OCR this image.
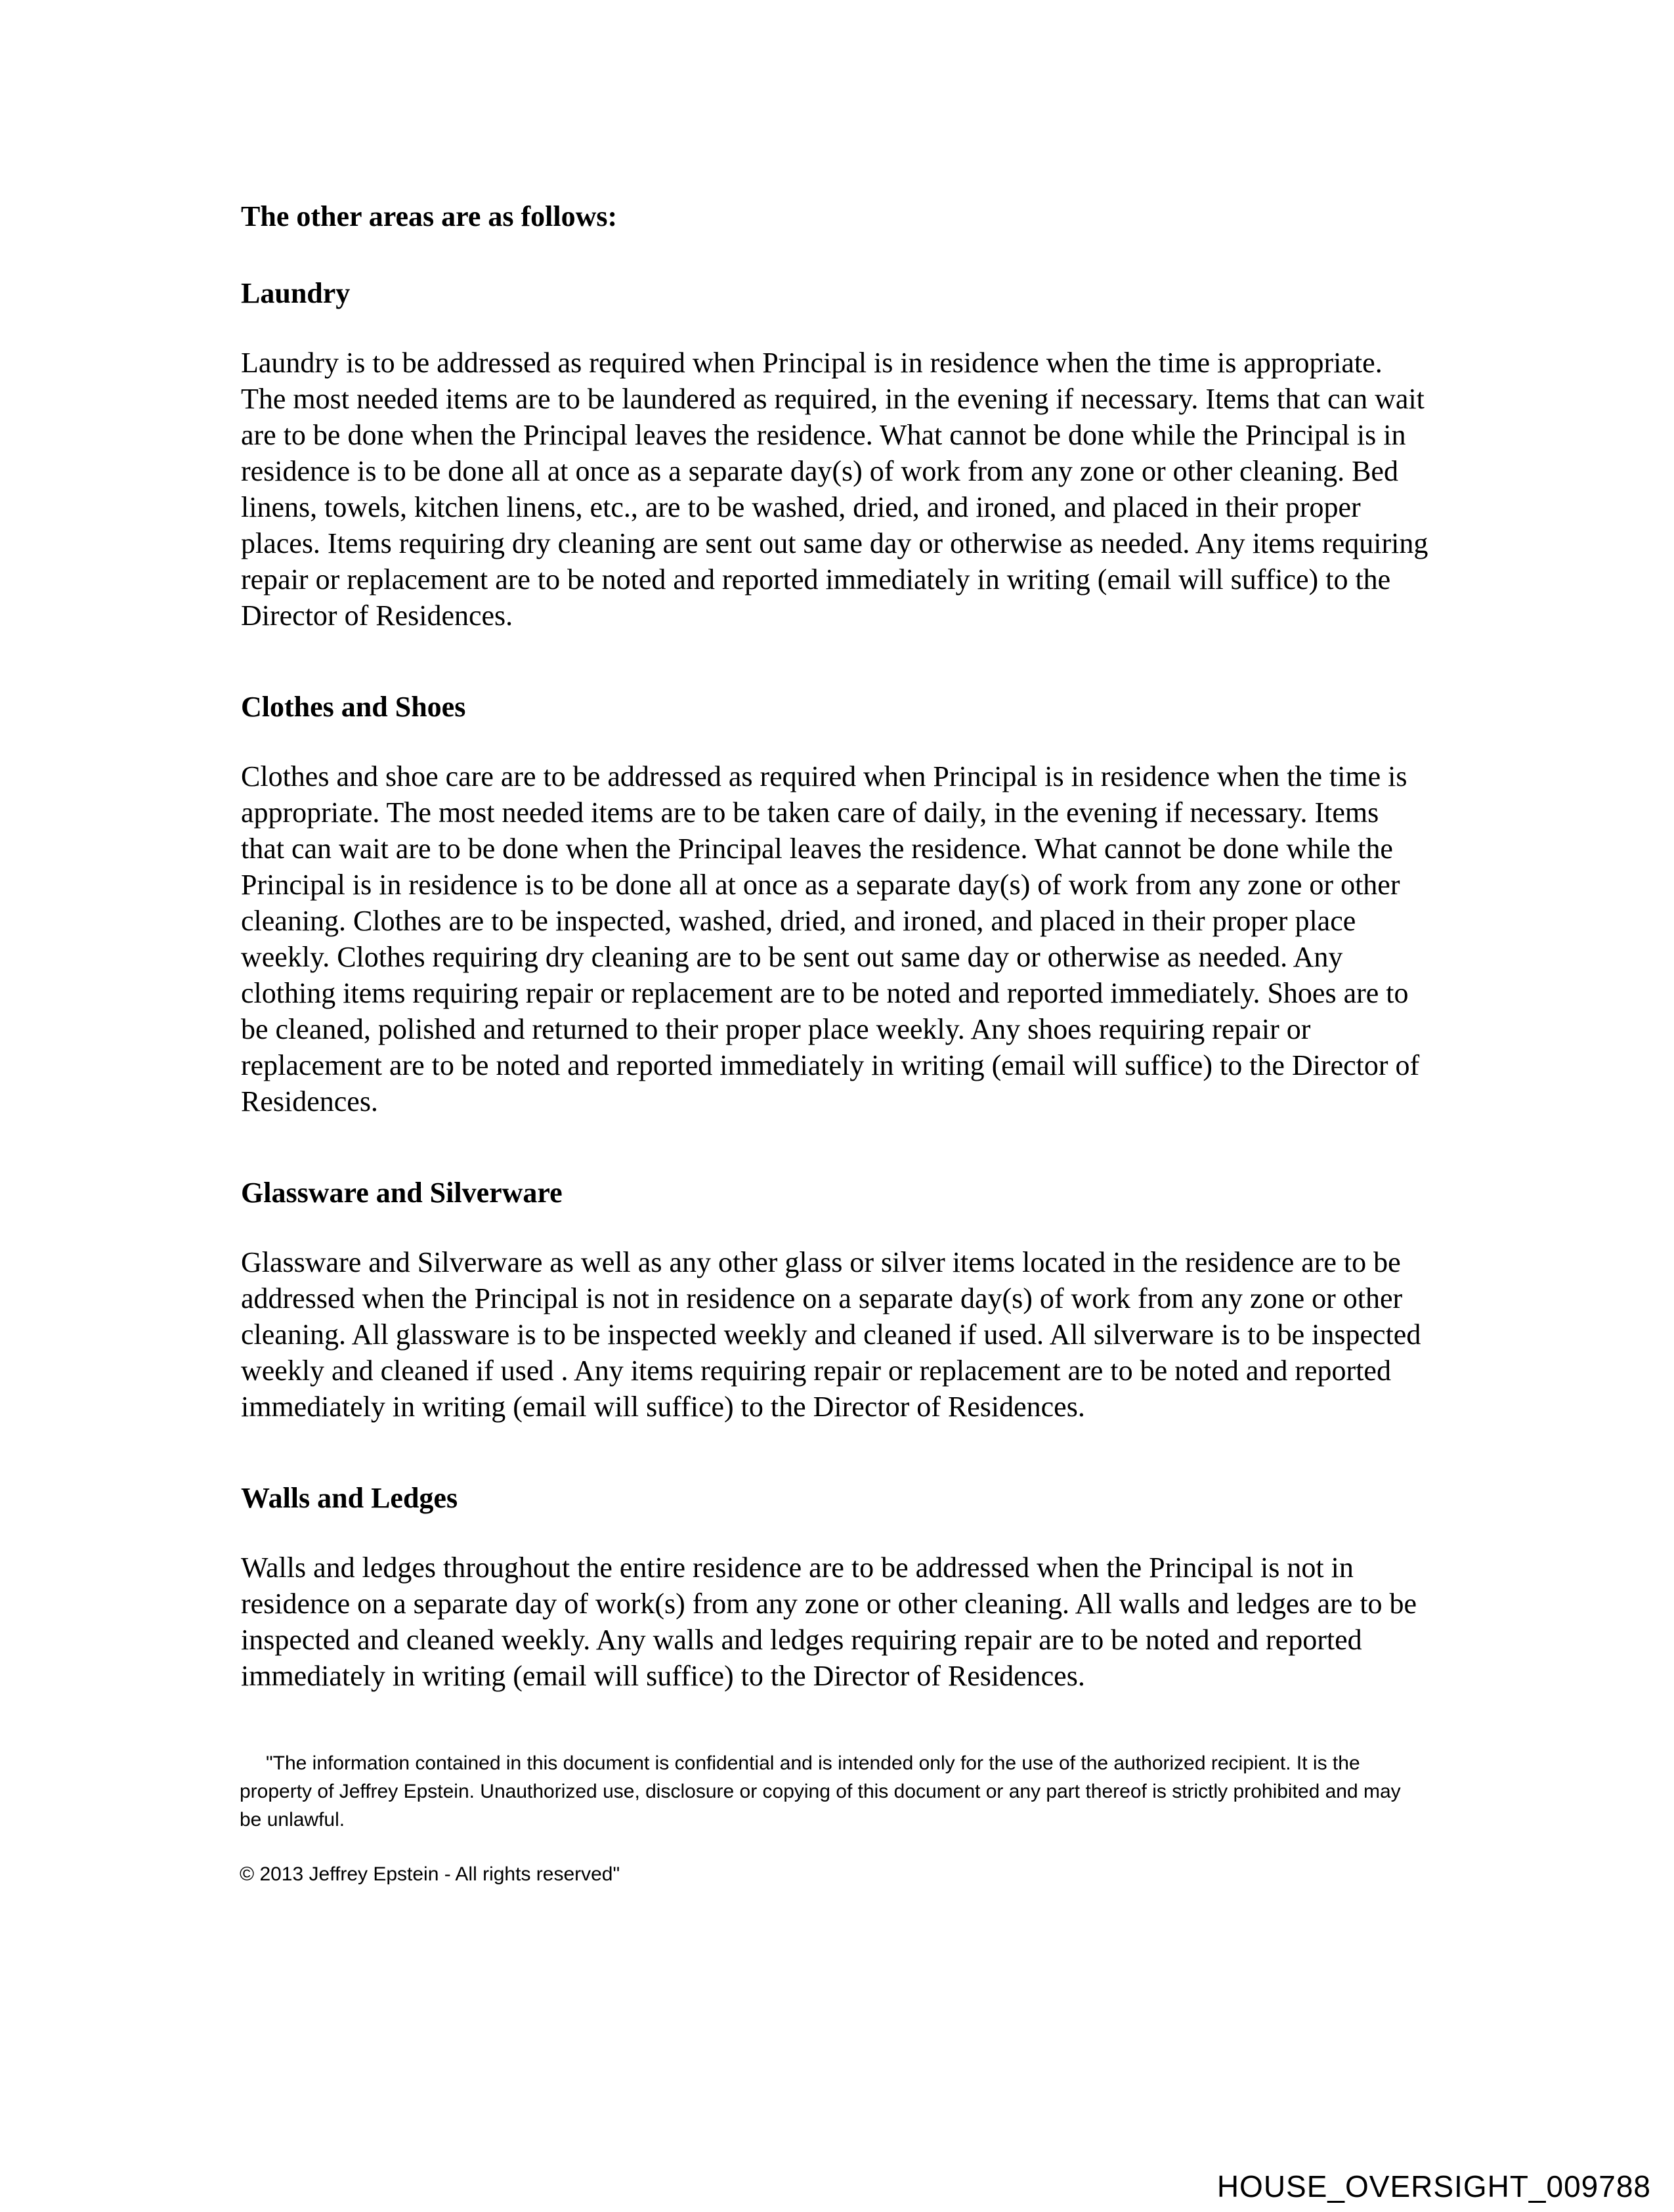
The other areas are as follows:

Laundry

Laundry is to be addressed as required when Principal is in residence when the time is appropriate. The most needed items are to be laundered as required, in the evening if necessary. Items that can wait are to be done when the Principal leaves the residence. What cannot be done while the Principal is in residence is to be done all at once as a separate day(s) of work from any zone or other cleaning. Bed linens, towels, kitchen linens, etc., are to be washed, dried, and ironed, and placed in their proper places. Items requiring dry cleaning are sent out same day or otherwise as needed. Any items requiring repair or replacement are to be noted and reported immediately in writing (email will suffice) to the Director of Residences.

Clothes and Shoes

Clothes and shoe care are to be addressed as required when Principal is in residence when the time is appropriate. The most needed items are to be taken care of daily, in the evening if necessary. Items that can wait are to be done when the Principal leaves the residence. What cannot be done while the Principal is in residence is to be done all at once as a separate day(s) of work from any zone or other cleaning. Clothes are to be inspected, washed, dried, and ironed, and placed in their proper place weekly. Clothes requiring dry cleaning are to be sent out same day or otherwise as needed. Any clothing items requiring repair or replacement are to be noted and reported immediately. Shoes are to be cleaned, polished and returned to their proper place weekly. Any shoes requiring repair or replacement are to be noted and reported immediately in writing (email will suffice) to the Director of Residences.

Glassware and Silverware

Glassware and Silverware as well as any other glass or silver items located in the residence are to be addressed when the Principal is not in residence on a separate day(s) of work from any zone or other cleaning. All glassware is to be inspected weekly and cleaned if used. All silverware is to be inspected weekly and cleaned if used . Any items requiring repair or replacement are to be noted and reported immediately in writing (email will suffice) to the Director of Residences.

Walls and Ledges

Walls and ledges throughout the entire residence are to be addressed when the Principal is not in residence on a separate day of work(s) from any zone or other cleaning. All walls and ledges are to be inspected and cleaned weekly. Any walls and ledges requiring repair are to be noted and reported immediately in writing (email will suffice) to the Director of Residences.

"The information contained in this document is confidential and is intended only for the use of the authorized recipient. It is the property of Jeffrey Epstein. Unauthorized use, disclosure or copying of this document or any part thereof is strictly prohibited and may be unlawful.

© 2013 Jeffrey Epstein - All rights reserved"

HOUSE_OVERSIGHT_009788
